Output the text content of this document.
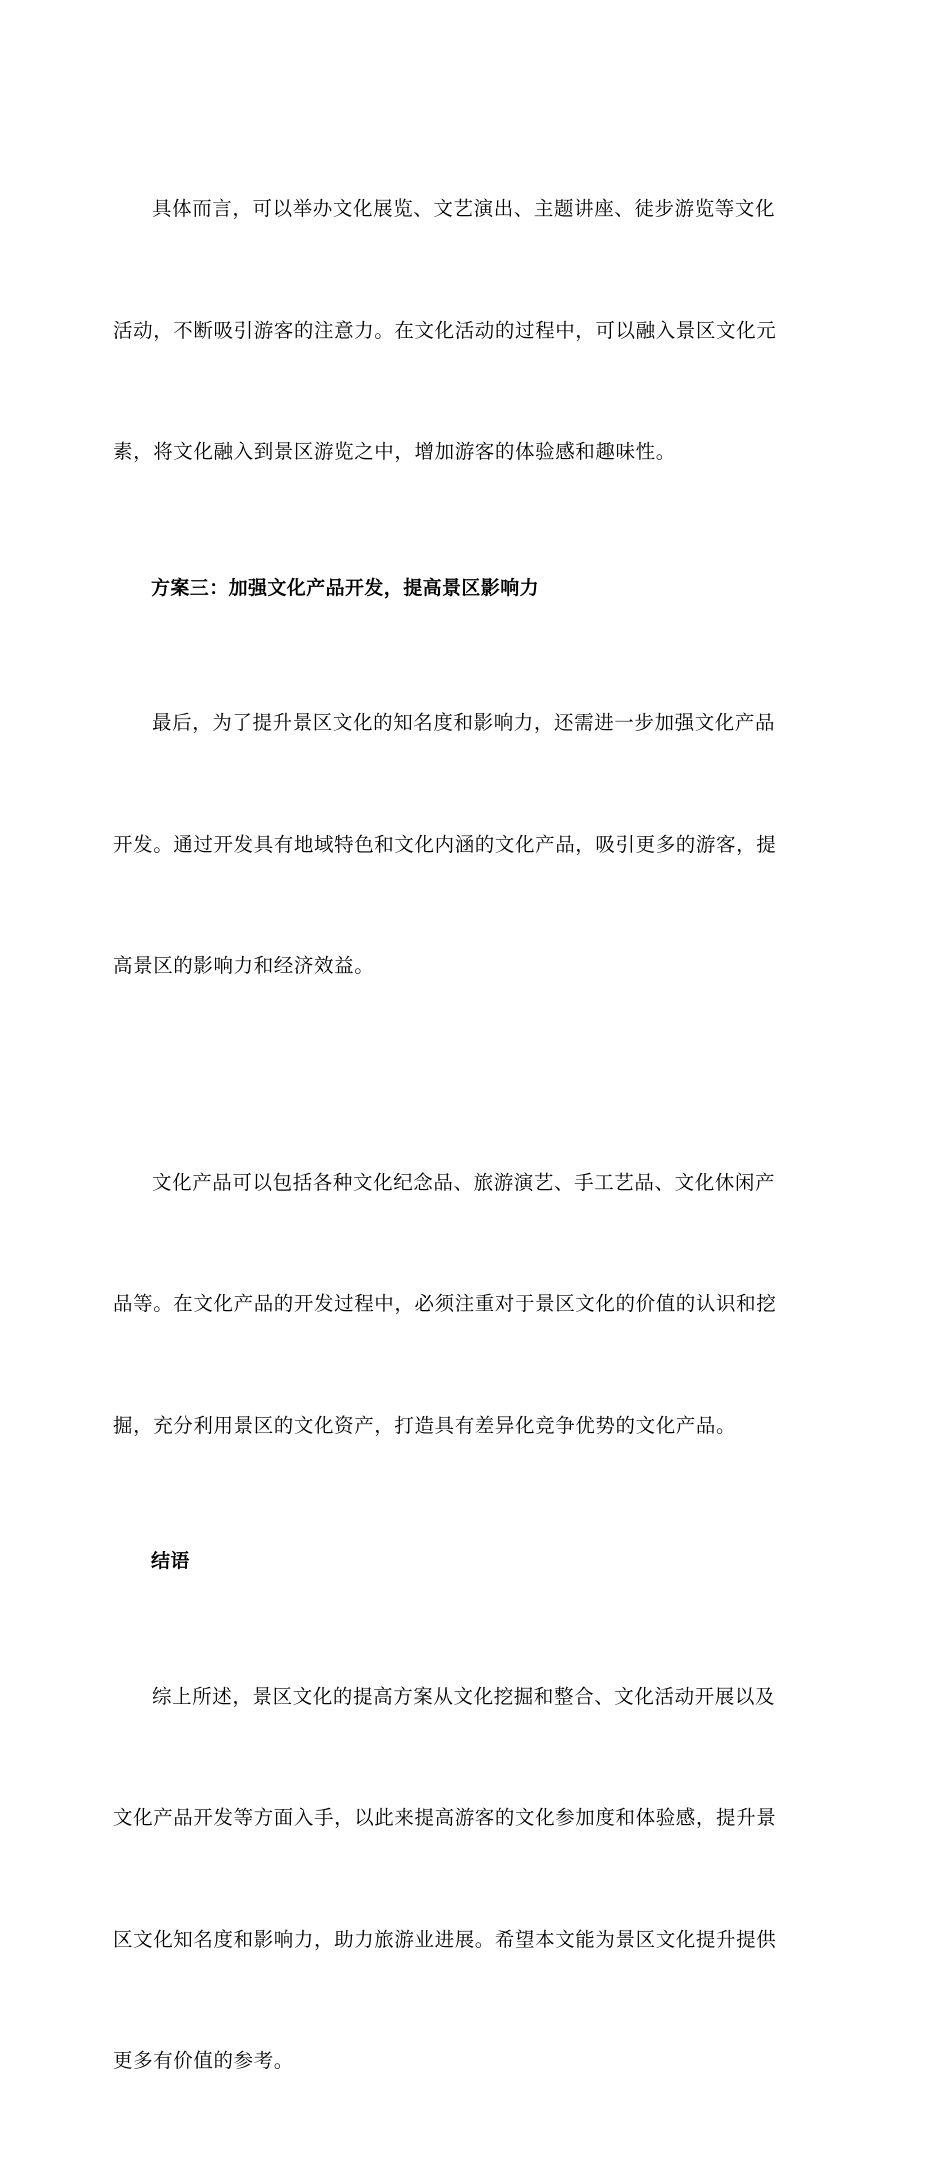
具体而言，可以举办文化展览、文艺演出、主题讲座、徒步游览等文化

活动，不断吸引游客的注意力。在文化活动的过程中，可以融入景区文化元

素，将文化融入到景区游览之中，增加游客的体验感和趣味性。

方案三：加强文化产品开发，提高景区影响力

最后，为了提升景区文化的知名度和影响力，还需进一步加强文化产品

开发。通过开发具有地域特色和文化内涵的文化产品，吸引更多的游客，提

高景区的影响力和经济效益。

文化产品可以包括各种文化纪念品、旅游演艺、手工艺品、文化休闲产

品等。在文化产品的开发过程中，必须注重对于景区文化的价值的认识和挖

掘，充分利用景区的文化资产，打造具有差异化竞争优势的文化产品。

结语

综上所述，景区文化的提高方案从文化挖掘和整合、文化活动开展以及

文化产品开发等方面入手，以此来提高游客的文化参加度和体验感，提升景

区文化知名度和影响力，助力旅游业进展。希望本文能为景区文化提升提供

更多有价值的参考。
